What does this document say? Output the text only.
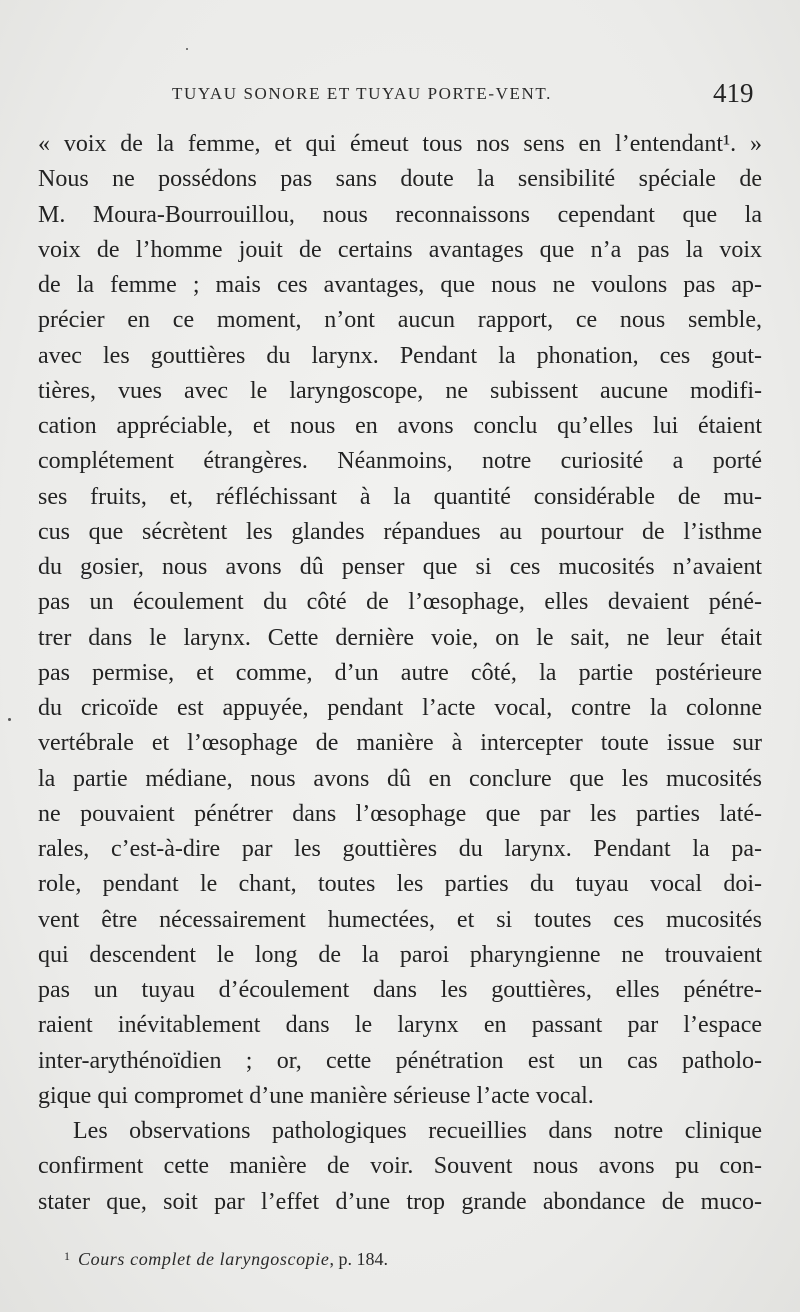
TUYAU SONORE ET TUYAU PORTE-VENT.	419
« voix de la femme, et qui émeut tous nos sens en l’entendant¹. »
Nous ne possédons pas sans doute la sensibilité spéciale de
M. Moura-Bourrouillou, nous reconnaissons cependant que la
voix de l’homme jouit de certains avantages que n’a pas la voix
de la femme ; mais ces avantages, que nous ne voulons pas ap-
précier en ce moment, n’ont aucun rapport, ce nous semble,
avec les gouttières du larynx. Pendant la phonation, ces gout-
tières, vues avec le laryngoscope, ne subissent aucune modifi-
cation appréciable, et nous en avons conclu qu’elles lui étaient
complétement étrangères. Néanmoins, notre curiosité a porté
ses fruits, et, réfléchissant à la quantité considérable de mu-
cus que sécrètent les glandes répandues au pourtour de l’isthme
du gosier, nous avons dû penser que si ces mucosités n’avaient
pas un écoulement du côté de l’œsophage, elles devaient péné-
trer dans le larynx. Cette dernière voie, on le sait, ne leur était
pas permise, et comme, d’un autre côté, la partie postérieure
du cricoïde est appuyée, pendant l’acte vocal, contre la colonne
vertébrale et l’œsophage de manière à intercepter toute issue sur
la partie médiane, nous avons dû en conclure que les mucosités
ne pouvaient pénétrer dans l’œsophage que par les parties laté-
rales, c’est-à-dire par les gouttières du larynx. Pendant la pa-
role, pendant le chant, toutes les parties du tuyau vocal doi-
vent être nécessairement humectées, et si toutes ces mucosités
qui descendent le long de la paroi pharyngienne ne trouvaient
pas un tuyau d’écoulement dans les gouttières, elles pénétre-
raient inévitablement dans le larynx en passant par l’espace
inter-arythénoïdien ; or, cette pénétration est un cas patholo-
gique qui compromet d’une manière sérieuse l’acte vocal.
Les observations pathologiques recueillies dans notre clinique
confirment cette manière de voir. Souvent nous avons pu con-
stater que, soit par l’effet d’une trop grande abondance de muco-
$^1$ Cours complet de laryngoscopie, p. 184.
